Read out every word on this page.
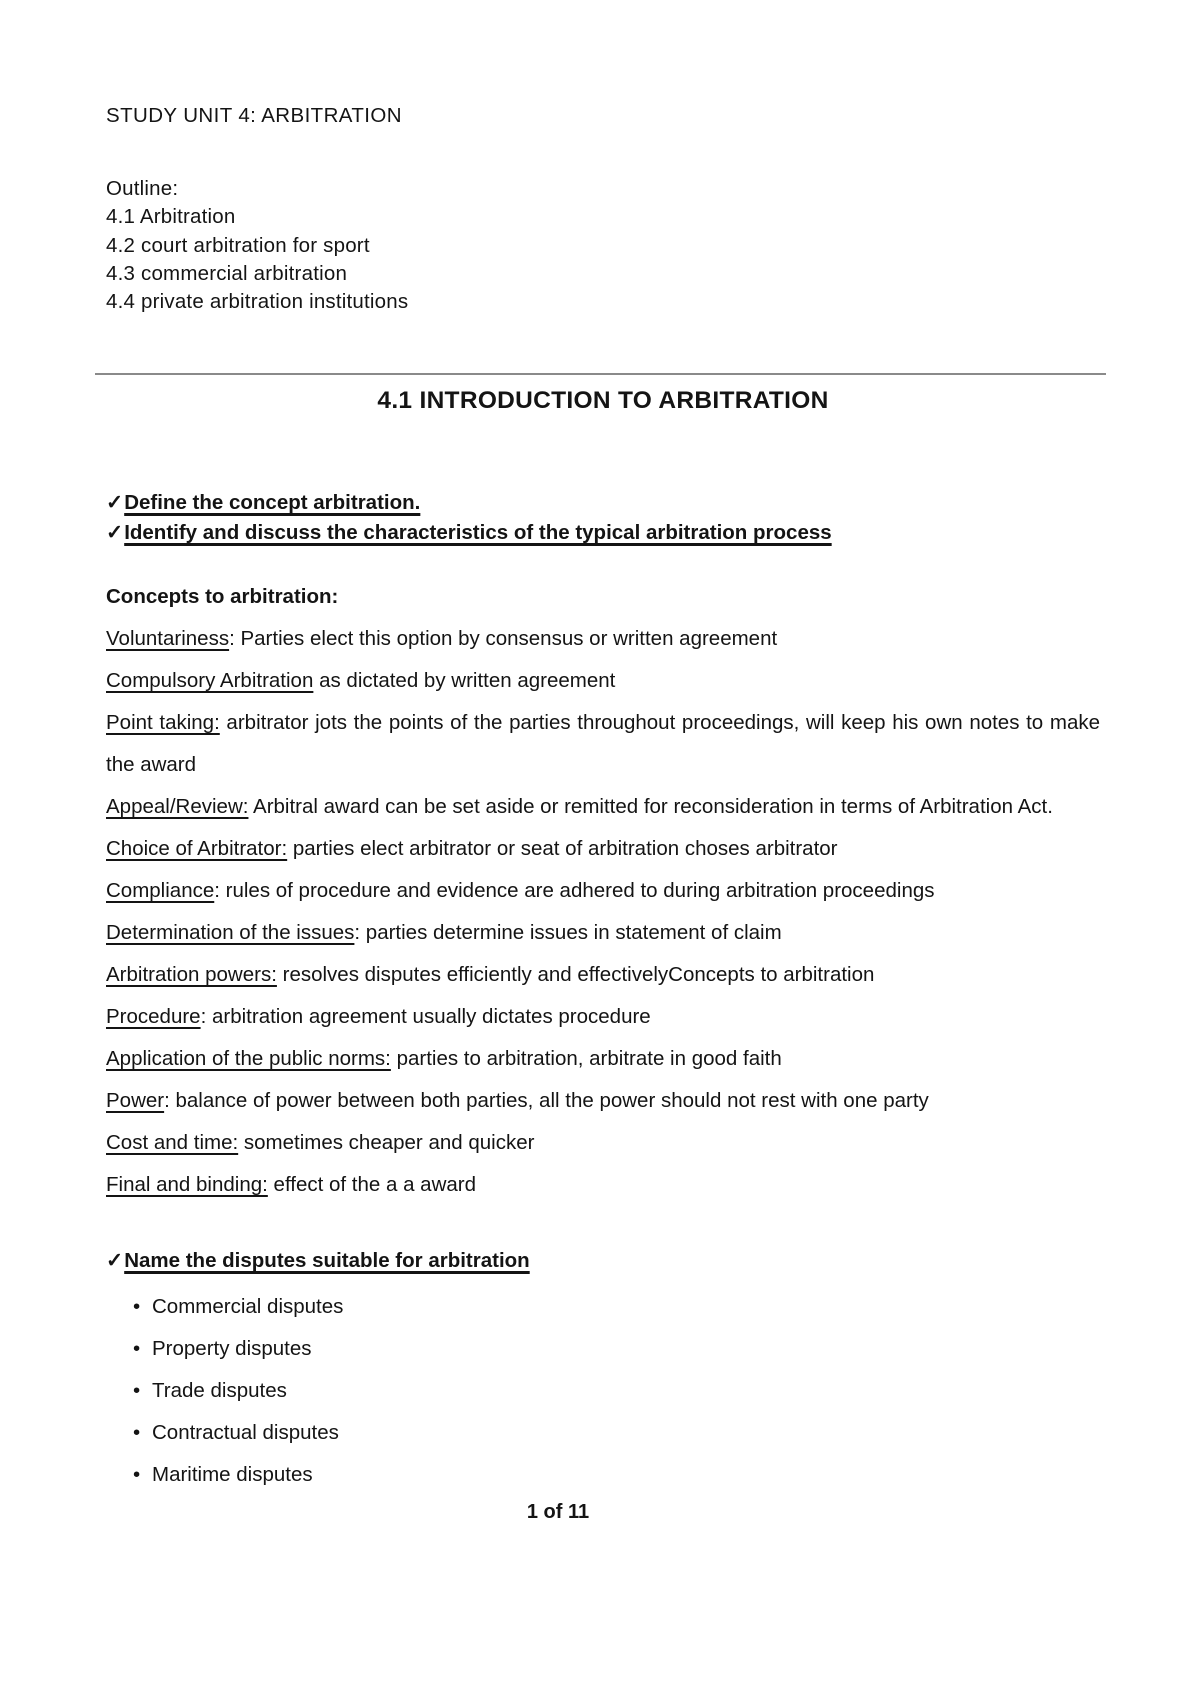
STUDY UNIT 4: ARBITRATION

Outline:

4.1 Arbitration

4.2 court arbitration for sport

4.3 commercial arbitration

4.4 private arbitration institutions

4.1 INTRODUCTION TO ARBITRATION

✓Define the concept arbitration.

✓Identify and discuss the characteristics of the typical arbitration process

Concepts to arbitration:

Voluntariness: Parties elect this option by consensus or written agreement

Compulsory Arbitration as dictated by written agreement

Point taking: arbitrator jots the points of the parties throughout proceedings, will keep his own notes to make the award

Appeal/Review: Arbitral award can be set aside or remitted for reconsideration in terms of Arbitration Act.

Choice of Arbitrator: parties elect arbitrator or seat of arbitration choses arbitrator

Compliance: rules of procedure and evidence are adhered to during arbitration proceedings

Determination of the issues: parties determine issues in statement of claim

Arbitration powers: resolves disputes efficiently and effectivelyConcepts to arbitration

Procedure: arbitration agreement usually dictates procedure

Application of the public norms: parties to arbitration, arbitrate in good faith

Power: balance of power between both parties, all the power should not rest with one party

Cost and time: sometimes cheaper and quicker

Final and binding: effect of the a a award

✓Name the disputes suitable for arbitration

• Commercial disputes
• Property disputes
• Trade disputes
• Contractual disputes
• Maritime disputes

1 of 11
